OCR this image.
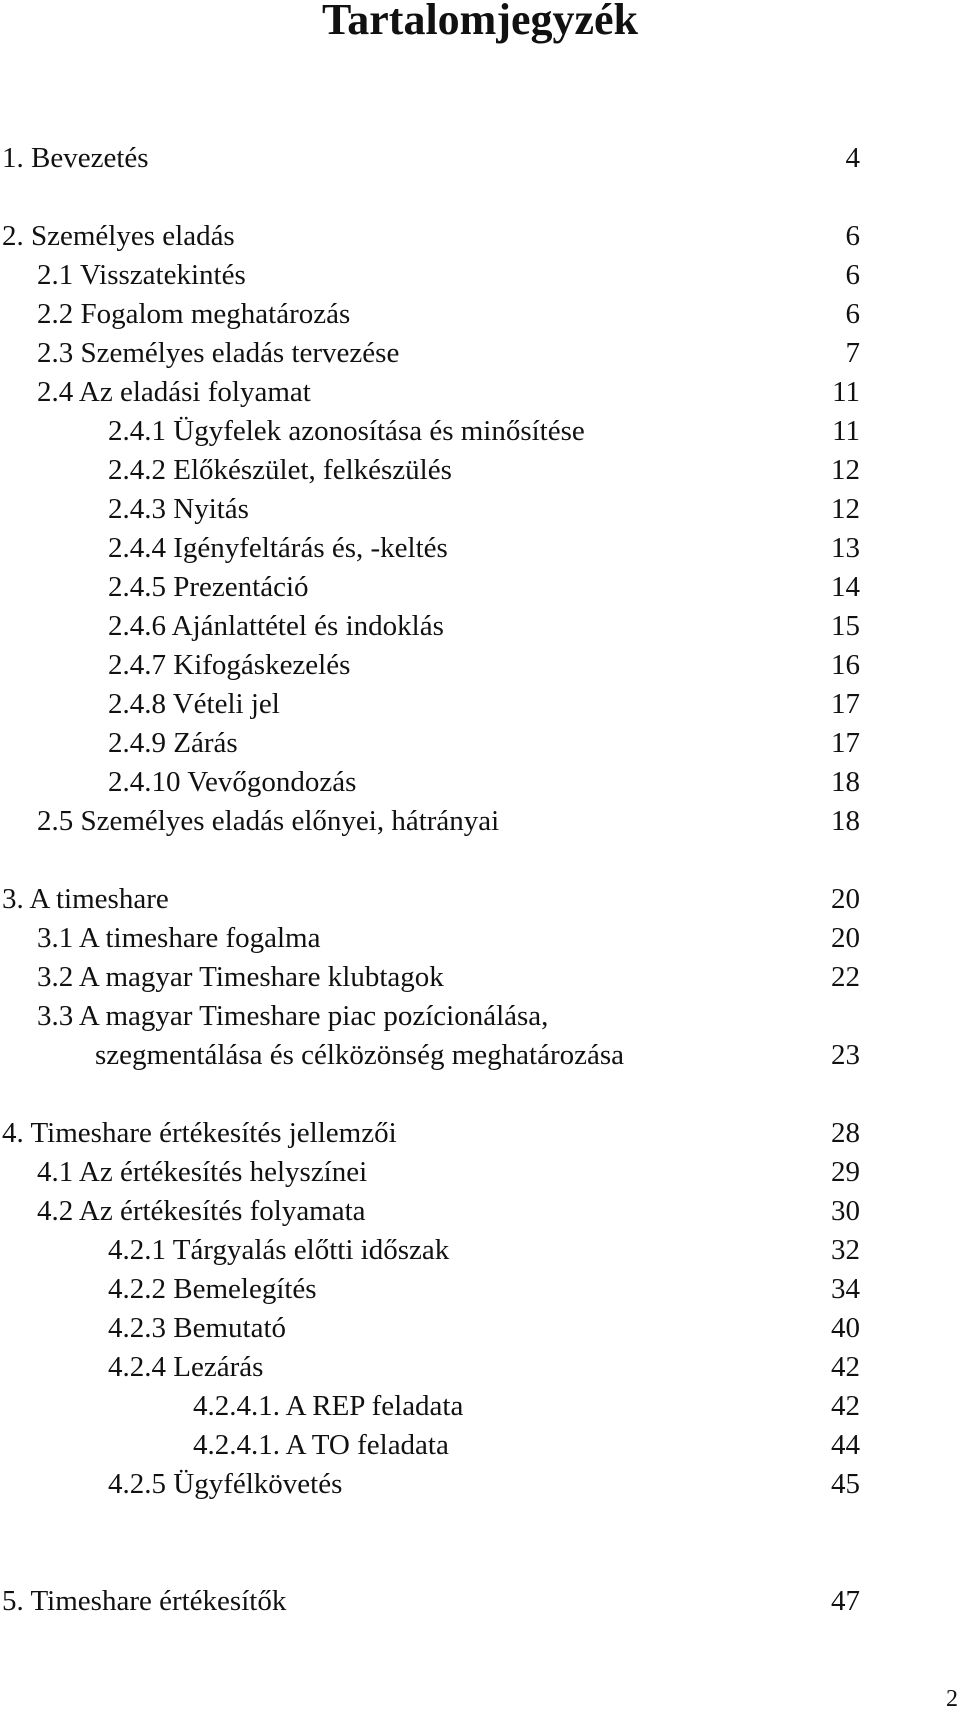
Tartalomjegyzék
1. Bevezetés	4
2. Személyes eladás	6
2.1 Visszatekintés	6
2.2 Fogalom meghatározás	6
2.3 Személyes eladás tervezése	7
2.4 Az eladási folyamat	11
2.4.1 Ügyfelek azonosítása és minősítése	11
2.4.2 Előkészület, felkészülés	12
2.4.3 Nyitás	12
2.4.4 Igényfeltárás és, -keltés	13
2.4.5 Prezentáció	14
2.4.6 Ajánlattétel és indoklás	15
2.4.7 Kifogáskezelés	16
2.4.8 Vételi jel	17
2.4.9 Zárás	17
2.4.10 Vevőgondozás	18
2.5 Személyes eladás előnyei, hátrányai	18
3. A timeshare	20
3.1 A timeshare fogalma	20
3.2 A magyar Timeshare klubtagok	22
3.3 A magyar Timeshare piac pozícionálása,
szegmentálása és célközönség meghatározása	23
4. Timeshare értékesítés jellemzői	28
4.1 Az értékesítés helyszínei	29
4.2 Az értékesítés folyamata	30
4.2.1 Tárgyalás előtti időszak	32
4.2.2 Bemelegítés	34
4.2.3 Bemutató	40
4.2.4 Lezárás	42
4.2.4.1. A REP feladata	42
4.2.4.1. A TO feladata	44
4.2.5 Ügyfélkövetés	45
5. Timeshare értékesítők	47
2
